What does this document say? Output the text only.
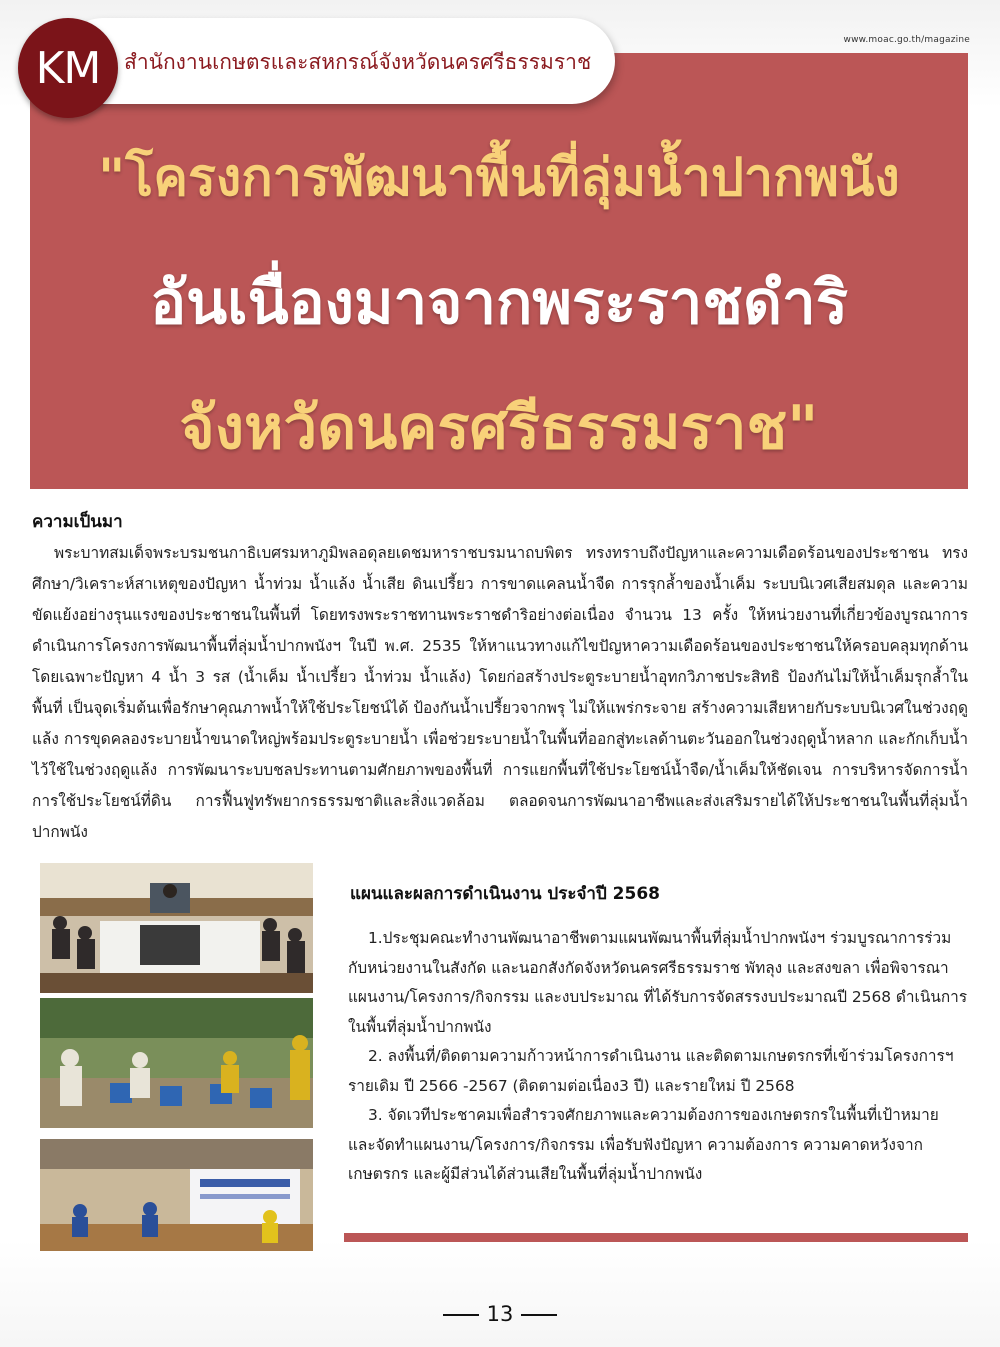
KM	สำนักงานเกษตรและสหกรณ์จังหวัดนครศรีธรรมราช
www.moac.go.th/magazine
"โครงการพัฒนาพื้นที่ลุ่มน้ำปากพนัง
อันเนื่องมาจากพระราชดำริ
จังหวัดนครศรีธรรมราช"
ความเป็นมา
พระบาทสมเด็จพระบรมชนกาธิเบศรมหาภูมิพลอดุลยเดชมหาราชบรมนาถบพิตร ทรงทราบถึงปัญหาและความเดือดร้อนของประชาชน ทรงศึกษา/วิเคราะห์สาเหตุของปัญหา น้ำท่วม น้ำแล้ง น้ำเสีย ดินเปรี้ยว การขาดแคลนน้ำจืด การรุกล้ำของน้ำเค็ม ระบบนิเวศเสียสมดุล และความขัดแย้งอย่างรุนแรงของประชาชนในพื้นที่ โดยทรงพระราชทานพระราชดำริอย่างต่อเนื่อง จำนวน 13 ครั้ง ให้หน่วยงานที่เกี่ยวข้องบูรณาการดำเนินการโครงการพัฒนาพื้นที่ลุ่มน้ำปากพนังฯ ในปี พ.ศ. 2535 ให้หาแนวทางแก้ไขปัญหาความเดือดร้อนของประชาชนให้ครอบคลุมทุกด้าน โดยเฉพาะปัญหา 4 น้ำ 3 รส (น้ำเค็ม น้ำเปรี้ยว น้ำท่วม น้ำแล้ง) โดยก่อสร้างประตูระบายน้ำอุทกวิภาชประสิทธิ ป้องกันไม่ให้น้ำเค็มรุกล้ำในพื้นที่ เป็นจุดเริ่มต้นเพื่อรักษาคุณภาพน้ำให้ใช้ประโยชน์ได้ ป้องกันน้ำเปรี้ยวจากพรุ ไม่ให้แพร่กระจาย สร้างความเสียหายกับระบบนิเวศในช่วงฤดูแล้ง การขุดคลองระบายน้ำขนาดใหญ่พร้อมประตูระบายน้ำ เพื่อช่วยระบายน้ำในพื้นที่ออกสู่ทะเลด้านตะวันออกในช่วงฤดูน้ำหลาก และกักเก็บน้ำไว้ใช้ในช่วงฤดูแล้ง การพัฒนาระบบชลประทานตามศักยภาพของพื้นที่ การแยกพื้นที่ใช้ประโยชน์น้ำจืด/น้ำเค็มให้ชัดเจน การบริหารจัดการน้ำ การใช้ประโยชน์ที่ดิน การฟื้นฟูทรัพยากรธรรมชาติและสิ่งแวดล้อม ตลอดจนการพัฒนาอาชีพและส่งเสริมรายได้ให้ประชาชนในพื้นที่ลุ่มน้ำปากพนัง
แผนและผลการดำเนินงาน ประจำปี 2568

1.ประชุมคณะทำงานพัฒนาอาชีพตามแผนพัฒนาพื้นที่ลุ่มน้ำปากพนังฯ ร่วมบูรณาการร่วมกับหน่วยงานในสังกัด และนอกสังกัดจังหวัดนครศรีธรรมราช พัทลุง และสงขลา เพื่อพิจารณาแผนงาน/โครงการ/กิจกรรม และงบประมาณ ที่ได้รับการจัดสรรงบประมาณปี 2568 ดำเนินการในพื้นที่ลุ่มน้ำปากพนัง

2. ลงพื้นที่/ติดตามความก้าวหน้าการดำเนินงาน และติดตามเกษตรกรที่เข้าร่วมโครงการฯ รายเดิม ปี 2566 -2567 (ติดตามต่อเนื่อง3 ปี) และรายใหม่ ปี 2568

3. จัดเวทีประชาคมเพื่อสำรวจศักยภาพและความต้องการของเกษตรกรในพื้นที่เป้าหมาย และจัดทำแผนงาน/โครงการ/กิจกรรม เพื่อรับฟังปัญหา ความต้องการ ความคาดหวังจากเกษตรกร และผู้มีส่วนได้ส่วนเสียในพื้นที่ลุ่มน้ำปากพนัง

13
